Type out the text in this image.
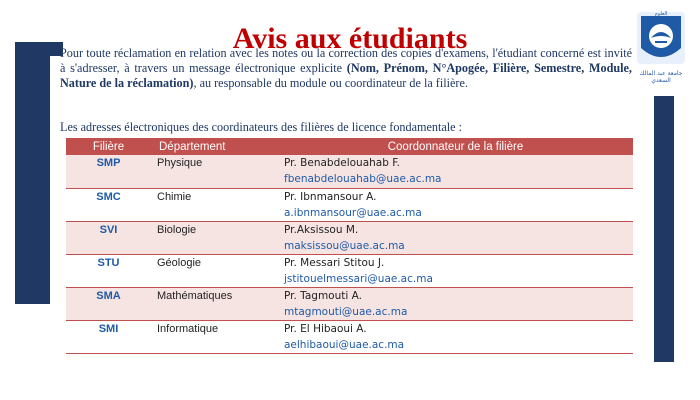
Avis aux étudiants
ﺍﻟﻌﻠﻮﻡ
جامعة عبد المالك السعدي
Pour toute réclamation en relation avec les notes ou la correction des copies d'examens, l'étudiant concerné est invité à s'adresser, à travers un message électronique explicite (Nom, Prénom, N°Apogée, Filière, Semestre, Module, Nature de la réclamation), au responsable du module ou coordinateur de la filière.
Les adresses électroniques des coordinateurs des filières de licence fondamentale :
Filière	Département	Coordonnateur de la filière
SMP	Physique	Pr. Benabdelouahab F.
fbenabdelouahab@uae.ac.ma

SMC	Chimie	Pr. Ibnmansour A.
a.ibnmansour@uae.ac.ma

SVI	Biologie	Pr.Aksissou M.
maksissou@uae.ac.ma

STU	Géologie	Pr. Messari Stitou J.
jstitouelmessari@uae.ac.ma

SMA	Mathématiques	Pr. Tagmouti A.
mtagmouti@uae.ac.ma

SMI	Informatique	Pr. El Hibaoui A.
aelhibaoui@uae.ac.ma
